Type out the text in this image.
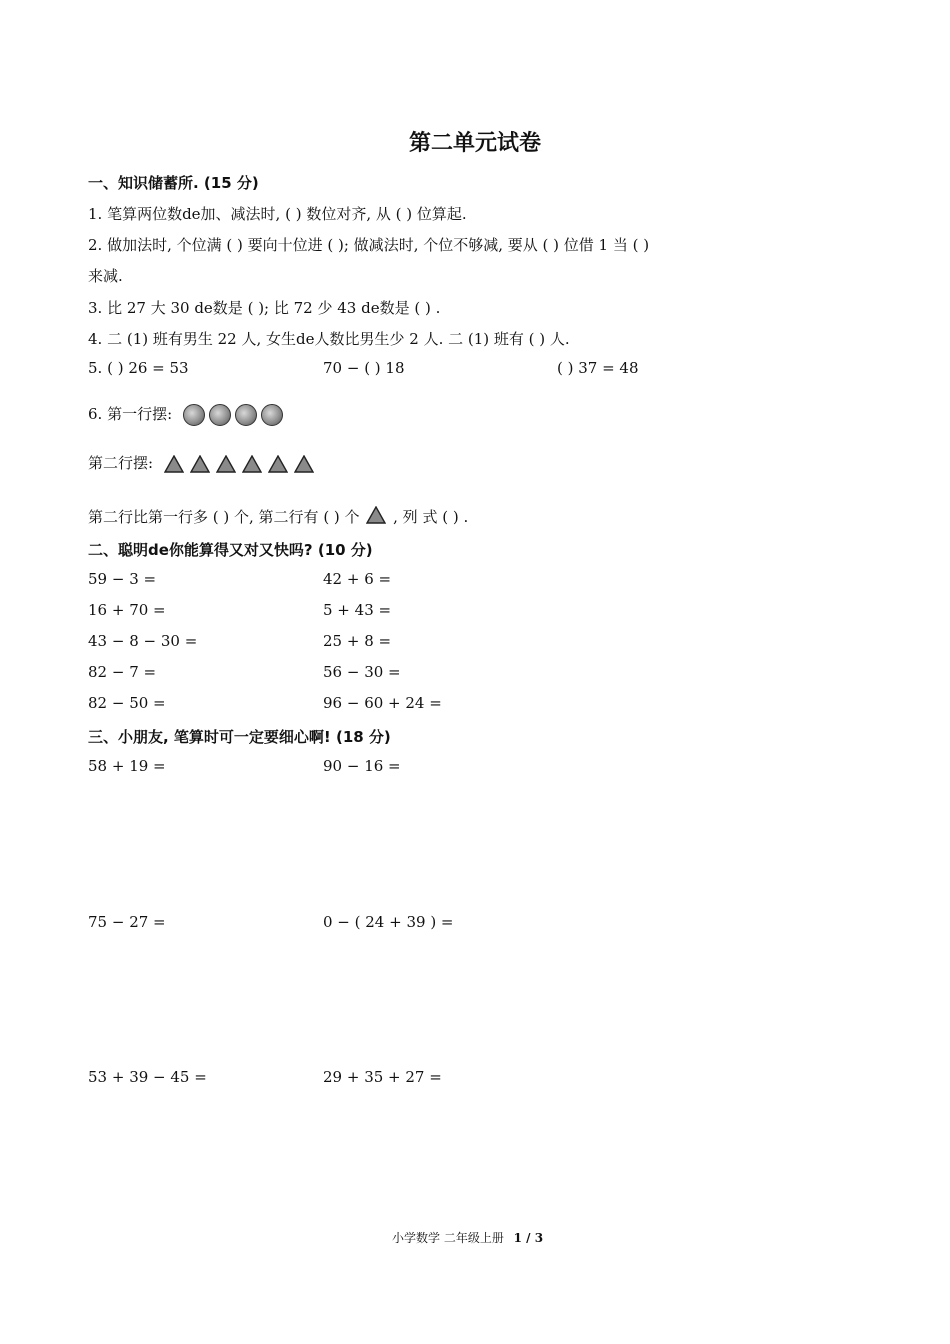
第二单元试卷
一、知识储蓄所. (15 分)
1. 笔算两位数de加、减法时, ( ) 数位对齐, 从 ( ) 位算起.
2. 做加法时, 个位满 ( ) 要向十位进 ( ); 做减法时, 个位不够减, 要从 ( ) 位借 1 当 ( )
来减.
3. 比 27 大 30 de数是 ( ); 比 72 少 43 de数是 ( ) .
4. 二 (1) 班有男生 22 人, 女生de人数比男生少 2 人. 二 (1) 班有 ( ) 人.
5. ( ) 26 = 53	70 − ( ) 18	( ) 37 = 48
6. 第一行摆:
第二行摆:
第二行比第一行多 ( ) 个, 第二行有 ( ) 个 , 列 式 ( ) .
二、聪明de你能算得又对又快吗? (10 分)
59 − 3 =	42 + 6 =
16 + 70 =	5 + 43 =
43 − 8 − 30 =	25 + 8 =
82 − 7 =	56 − 30 =
82 − 50 =	96 − 60 + 24 =
三、小朋友, 笔算时可一定要细心啊! (18 分)
58 + 19 =	90 − 16 =
75 − 27 =	0 − ( 24 + 39 ) =
53 + 39 − 45 =	29 + 35 + 27 =
小学数学 二年级上册 1 / 3
